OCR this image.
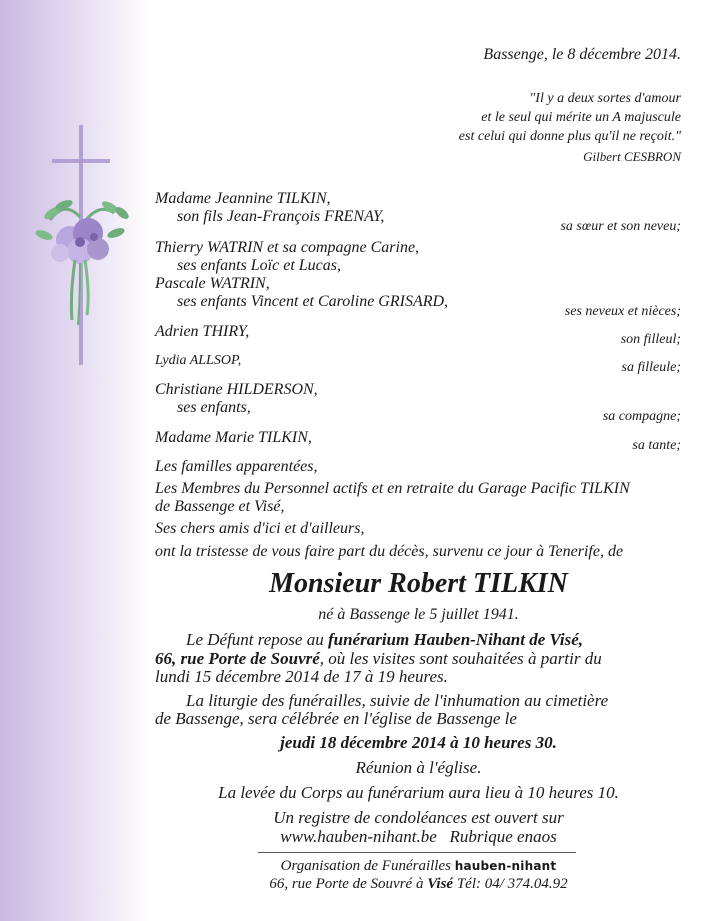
Bassenge, le 8 décembre 2014.
"Il y a deux sortes d'amour
et le seul qui mérite un A majuscule
est celui qui donne plus qu'il ne reçoit."
Gilbert CESBRON
Madame Jeannine TILKIN,
son fils Jean-François FRENAY,
Thierry WATRIN et sa compagne Carine,
ses enfants Loïc et Lucas,
Pascale WATRIN,
ses enfants Vincent et Caroline GRISARD,
Adrien THIRY,
Lydia ALLSOP,
Christiane HILDERSON,
ses enfants,
Madame Marie TILKIN,
Les familles apparentées,
Les Membres du Personnel actifs et en retraite du Garage Pacific TILKIN
de Bassenge et Visé,
Ses chers amis d'ici et d'ailleurs,
ont la tristesse de vous faire part du décès, survenu ce jour à Tenerife, de
sa sœur et son neveu;
ses neveux et nièces;
son filleul;
sa filleule;
sa compagne;
sa tante;
Monsieur Robert TILKIN
né à Bassenge le 5 juillet 1941.
Le Défunt repose au funérarium Hauben-Nihant de Visé,
66, rue Porte de Souvré, où les visites sont souhaitées à partir du
lundi 15 décembre 2014 de 17 à 19 heures.
La liturgie des funérailles, suivie de l'inhumation au cimetière
de Bassenge, sera célébrée en l'église de Bassenge le
jeudi 18 décembre 2014 à 10 heures 30.
Réunion à l'église.
La levée du Corps au funérarium aura lieu à 10 heures 10.
Un registre de condoléances est ouvert sur
www.hauben-nihant.be Rubrique enaos
Organisation de Funérailles hauben-nihant
66, rue Porte de Souvré à Visé Tél: 04/ 374.04.92
